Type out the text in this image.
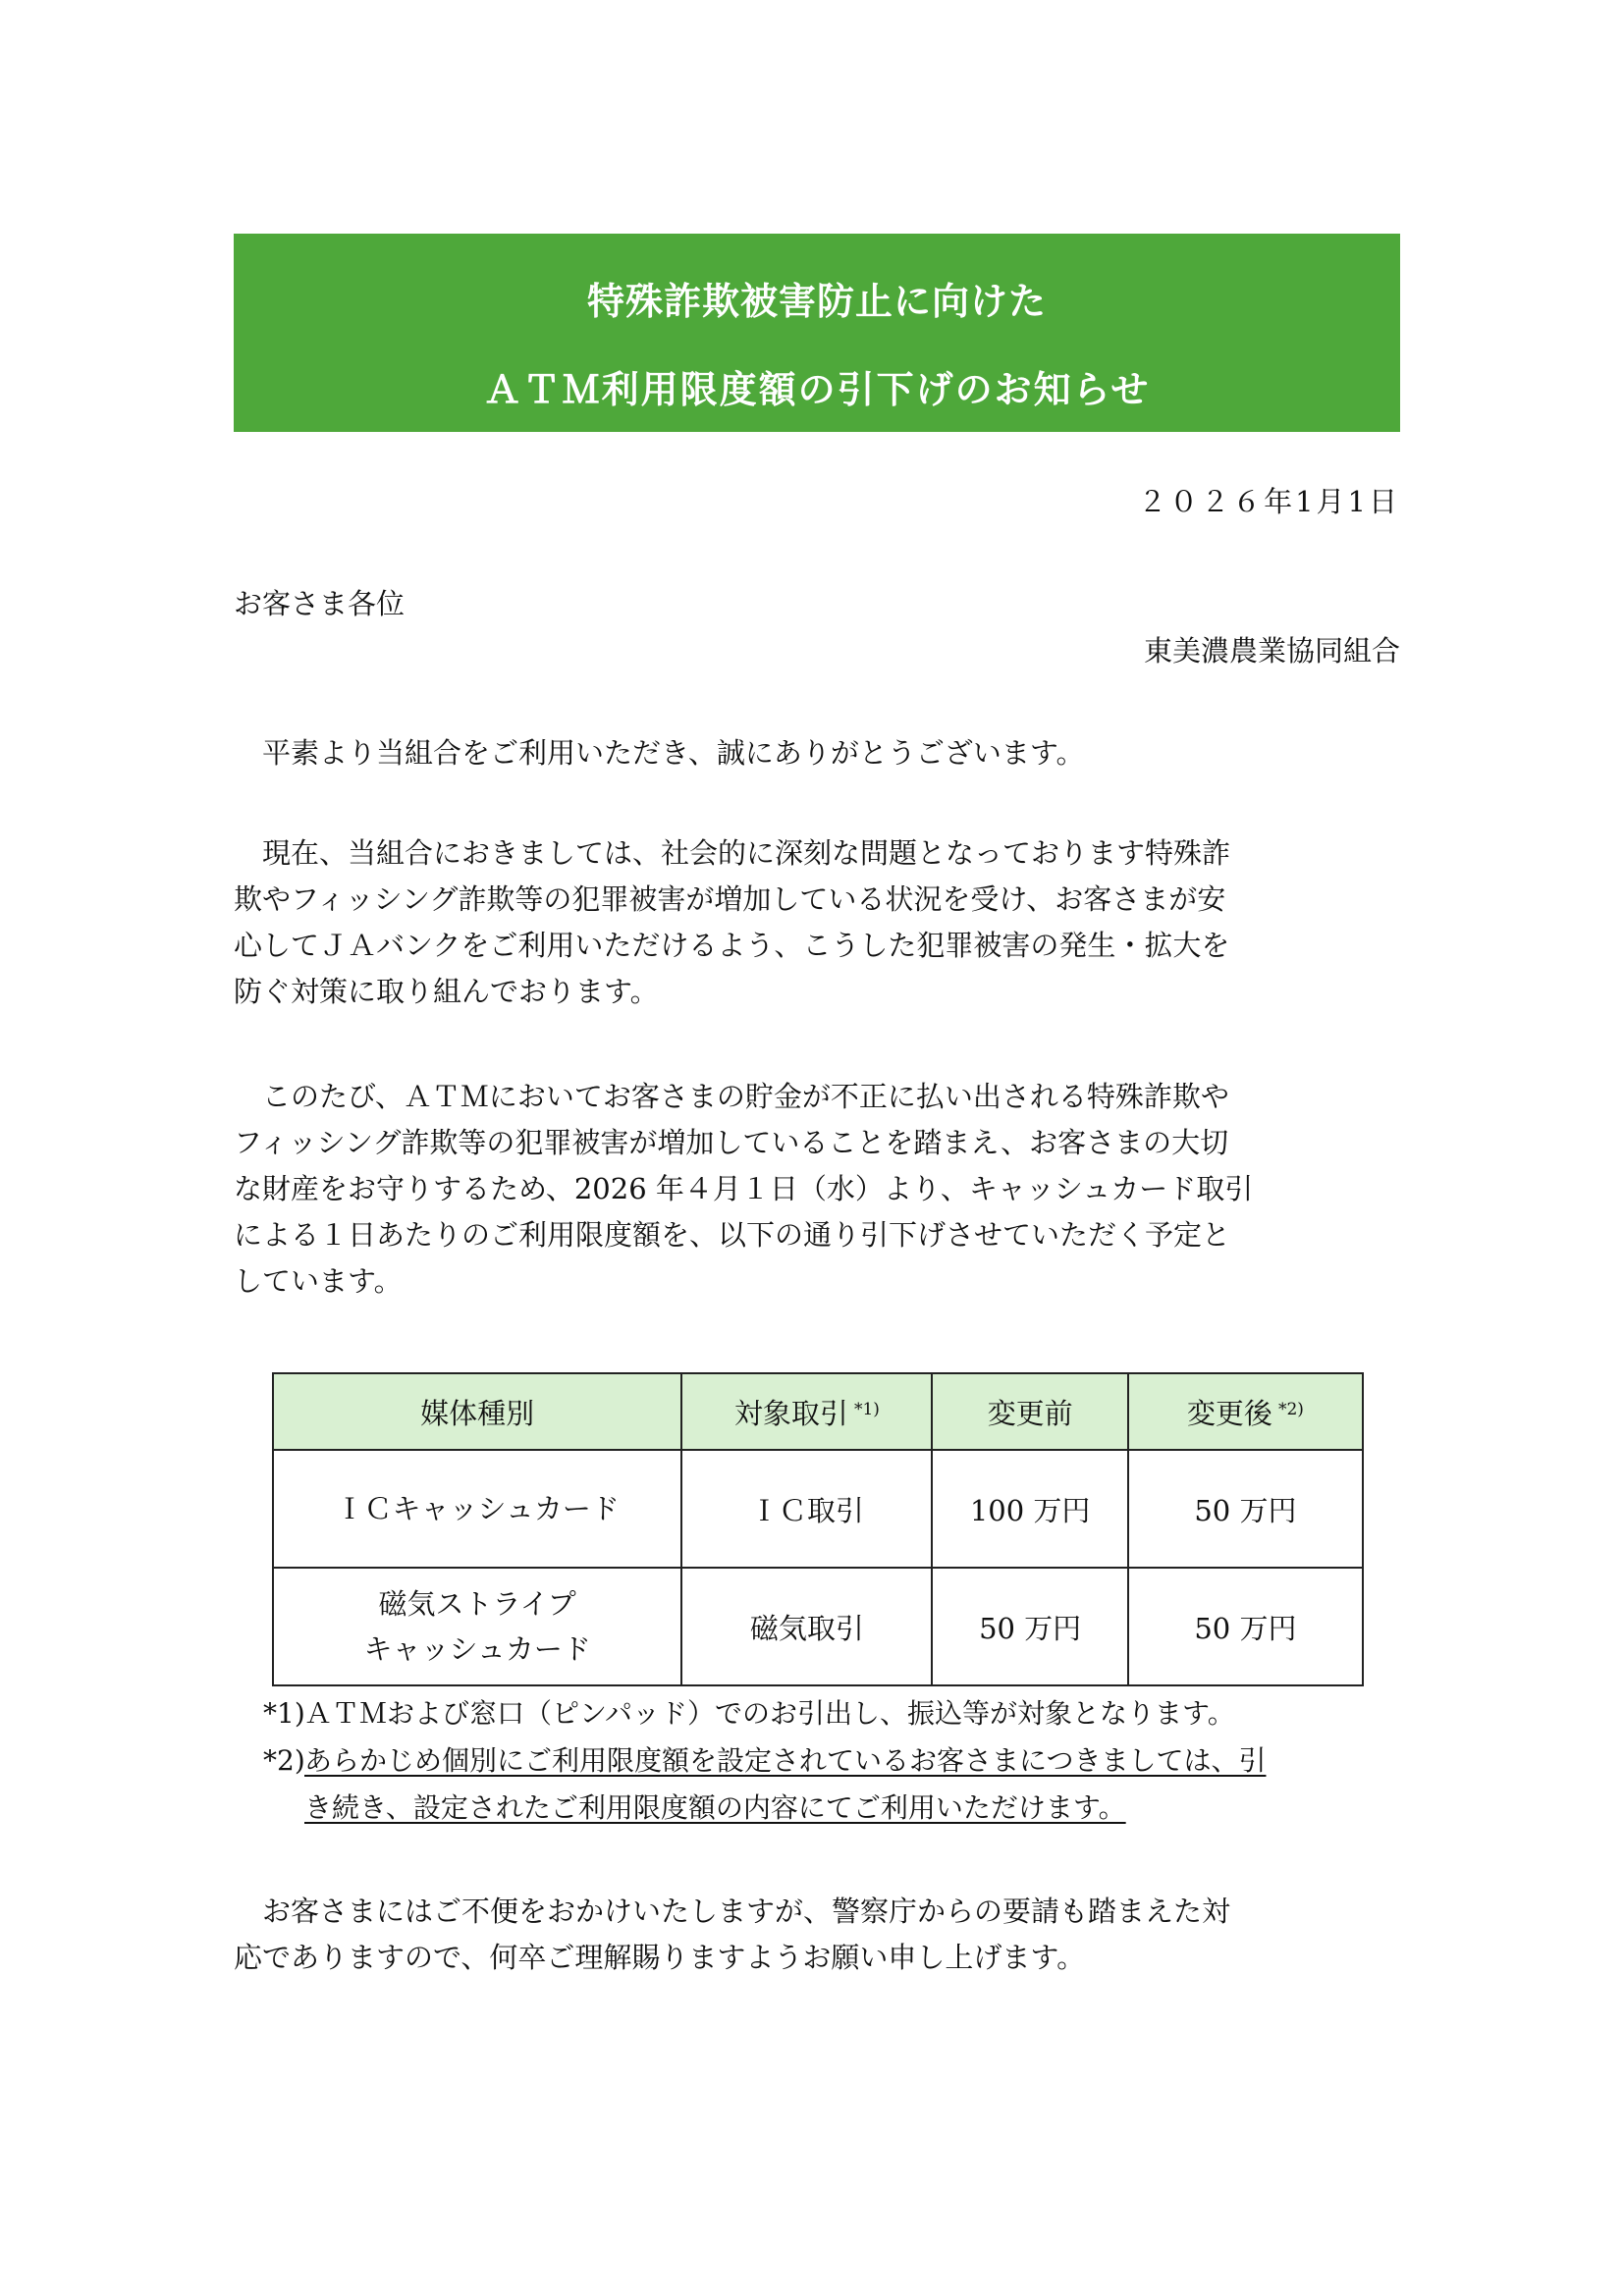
特殊詐欺被害防止に向けた
ＡＴＭ利用限度額の引下げのお知らせ
２０２６年1月1日
お客さま各位
東美濃農業協同組合
平素より当組合をご利用いただき、誠にありがとうございます。
現在、当組合におきましては、社会的に深刻な問題となっております特殊詐
欺やフィッシング詐欺等の犯罪被害が増加している状況を受け、お客さまが安
心してＪＡバンクをご利用いただけるよう、こうした犯罪被害の発生・拡大を
防ぐ対策に取り組んでおります。
このたび、ＡＴＭにおいてお客さまの貯金が不正に払い出される特殊詐欺や
フィッシング詐欺等の犯罪被害が増加していることを踏まえ、お客さまの大切
な財産をお守りするため、2026 年４月１日（水）より、キャッシュカード取引
による１日あたりのご利用限度額を、以下の通り引下げさせていただく予定と
しています。
媒体種別	対象取引 $^{*1)}$	変更前	変更後 $^{*2)}$

ＩＣキャッシュカード	ＩＣ取引	100 万円	50 万円

磁気ストライプ
キャッシュカード	磁気取引	50 万円	50 万円
*1)ＡＴＭおよび窓口（ピンパッド）でのお引出し、振込等が対象となります。
*2)あらかじめ個別にご利用限度額を設定されているお客さまにつきましては、引
き続き、設定されたご利用限度額の内容にてご利用いただけます。
お客さまにはご不便をおかけいたしますが、警察庁からの要請も踏まえた対
応でありますので、何卒ご理解賜りますようお願い申し上げます。
